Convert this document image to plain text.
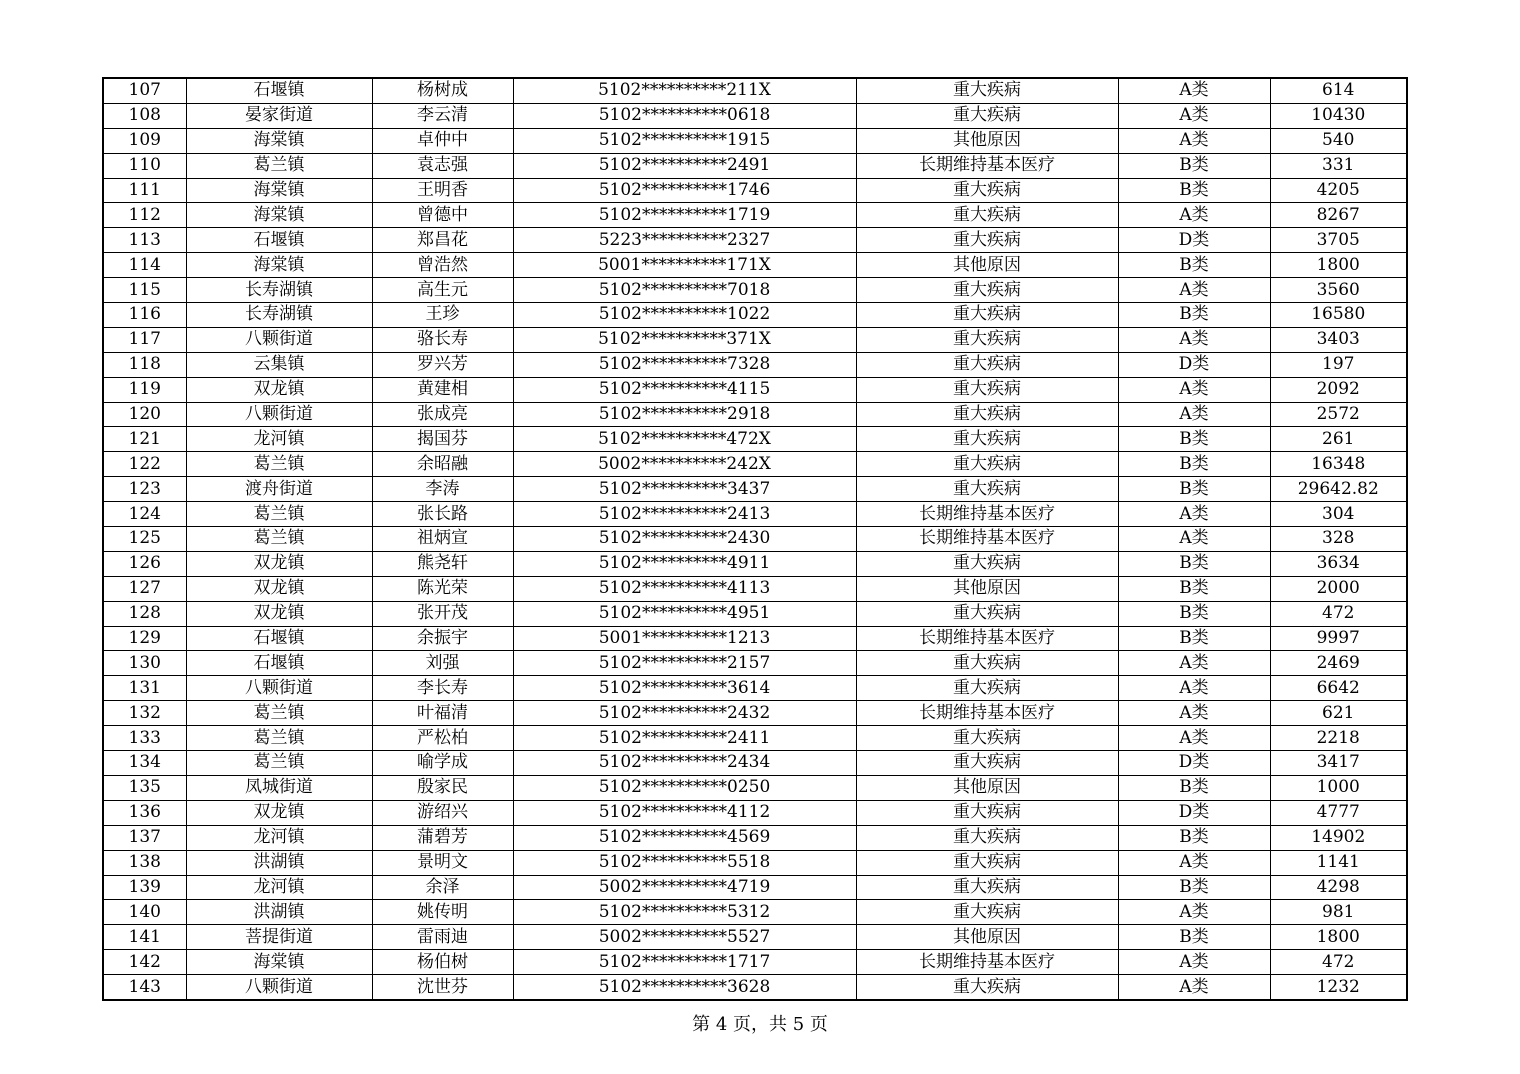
107	石堰镇	杨树成	5102**********211X	重大疾病	A类	614
108	晏家街道	李云清	5102**********0618	重大疾病	A类	10430
109	海棠镇	卓仲中	5102**********1915	其他原因	A类	540
110	葛兰镇	袁志强	5102**********2491	长期维持基本医疗	B类	331
111	海棠镇	王明香	5102**********1746	重大疾病	B类	4205
112	海棠镇	曾德中	5102**********1719	重大疾病	A类	8267
113	石堰镇	郑昌花	5223**********2327	重大疾病	D类	3705
114	海棠镇	曾浩然	5001**********171X	其他原因	B类	1800
115	长寿湖镇	高生元	5102**********7018	重大疾病	A类	3560
116	长寿湖镇	王珍	5102**********1022	重大疾病	B类	16580
117	八颗街道	骆长寿	5102**********371X	重大疾病	A类	3403
118	云集镇	罗兴芳	5102**********7328	重大疾病	D类	197
119	双龙镇	黄建相	5102**********4115	重大疾病	A类	2092
120	八颗街道	张成亮	5102**********2918	重大疾病	A类	2572
121	龙河镇	揭国芬	5102**********472X	重大疾病	B类	261
122	葛兰镇	余昭融	5002**********242X	重大疾病	B类	16348
123	渡舟街道	李涛	5102**********3437	重大疾病	B类	29642.82
124	葛兰镇	张长路	5102**********2413	长期维持基本医疗	A类	304
125	葛兰镇	祖炳宣	5102**********2430	长期维持基本医疗	A类	328
126	双龙镇	熊尧轩	5102**********4911	重大疾病	B类	3634
127	双龙镇	陈光荣	5102**********4113	其他原因	B类	2000
128	双龙镇	张开茂	5102**********4951	重大疾病	B类	472
129	石堰镇	余振宇	5001**********1213	长期维持基本医疗	B类	9997
130	石堰镇	刘强	5102**********2157	重大疾病	A类	2469
131	八颗街道	李长寿	5102**********3614	重大疾病	A类	6642
132	葛兰镇	叶福清	5102**********2432	长期维持基本医疗	A类	621
133	葛兰镇	严松柏	5102**********2411	重大疾病	A类	2218
134	葛兰镇	喻学成	5102**********2434	重大疾病	D类	3417
135	凤城街道	殷家民	5102**********0250	其他原因	B类	1000
136	双龙镇	游绍兴	5102**********4112	重大疾病	D类	4777
137	龙河镇	蒲碧芳	5102**********4569	重大疾病	B类	14902
138	洪湖镇	景明文	5102**********5518	重大疾病	A类	1141
139	龙河镇	余泽	5002**********4719	重大疾病	B类	4298
140	洪湖镇	姚传明	5102**********5312	重大疾病	A类	981
141	菩提街道	雷雨迪	5002**********5527	其他原因	B类	1800
142	海棠镇	杨伯树	5102**********1717	长期维持基本医疗	A类	472
143	八颗街道	沈世芬	5102**********3628	重大疾病	A类	1232
第 4 页，共 5 页
